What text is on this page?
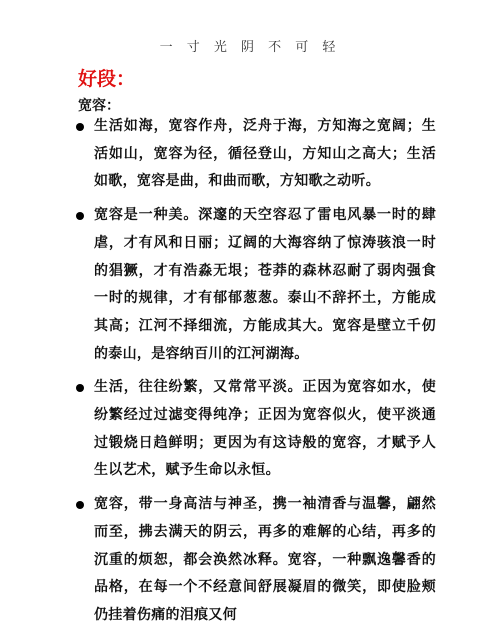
一 寸 光 阴 不 可 轻
好段：
宽容：
生活如海，宽容作舟，泛舟于海，方知海之宽阔；生活如山，宽容为径，循径登山，方知山之高大；生活如歌，宽容是曲，和曲而歌，方知歌之动听。
宽容是一种美。深邃的天空容忍了雷电风暴一时的肆虐，才有风和日丽；辽阔的大海容纳了惊涛骇浪一时的猖獗，才有浩淼无垠；苍莽的森林忍耐了弱肉强食一时的规律，才有郁郁葱葱。泰山不辞抔土，方能成其高；江河不择细流，方能成其大。宽容是壁立千仞的泰山，是容纳百川的江河湖海。
生活，往往纷繁，又常常平淡。正因为宽容如水，使纷繁经过过滤变得纯净；正因为宽容似火，使平淡通过锻烧日趋鲜明；更因为有这诗般的宽容，才赋予人生以艺术，赋予生命以永恒。
宽容，带一身高洁与神圣，携一袖清香与温馨，翩然而至，拂去满天的阴云，再多的难解的心结，再多的沉重的烦恕，都会涣然冰释。宽容，一种飘逸馨香的品格，在每一个不经意间舒展凝眉的微笑，即使脸颊仍挂着伤痛的泪痕又何
